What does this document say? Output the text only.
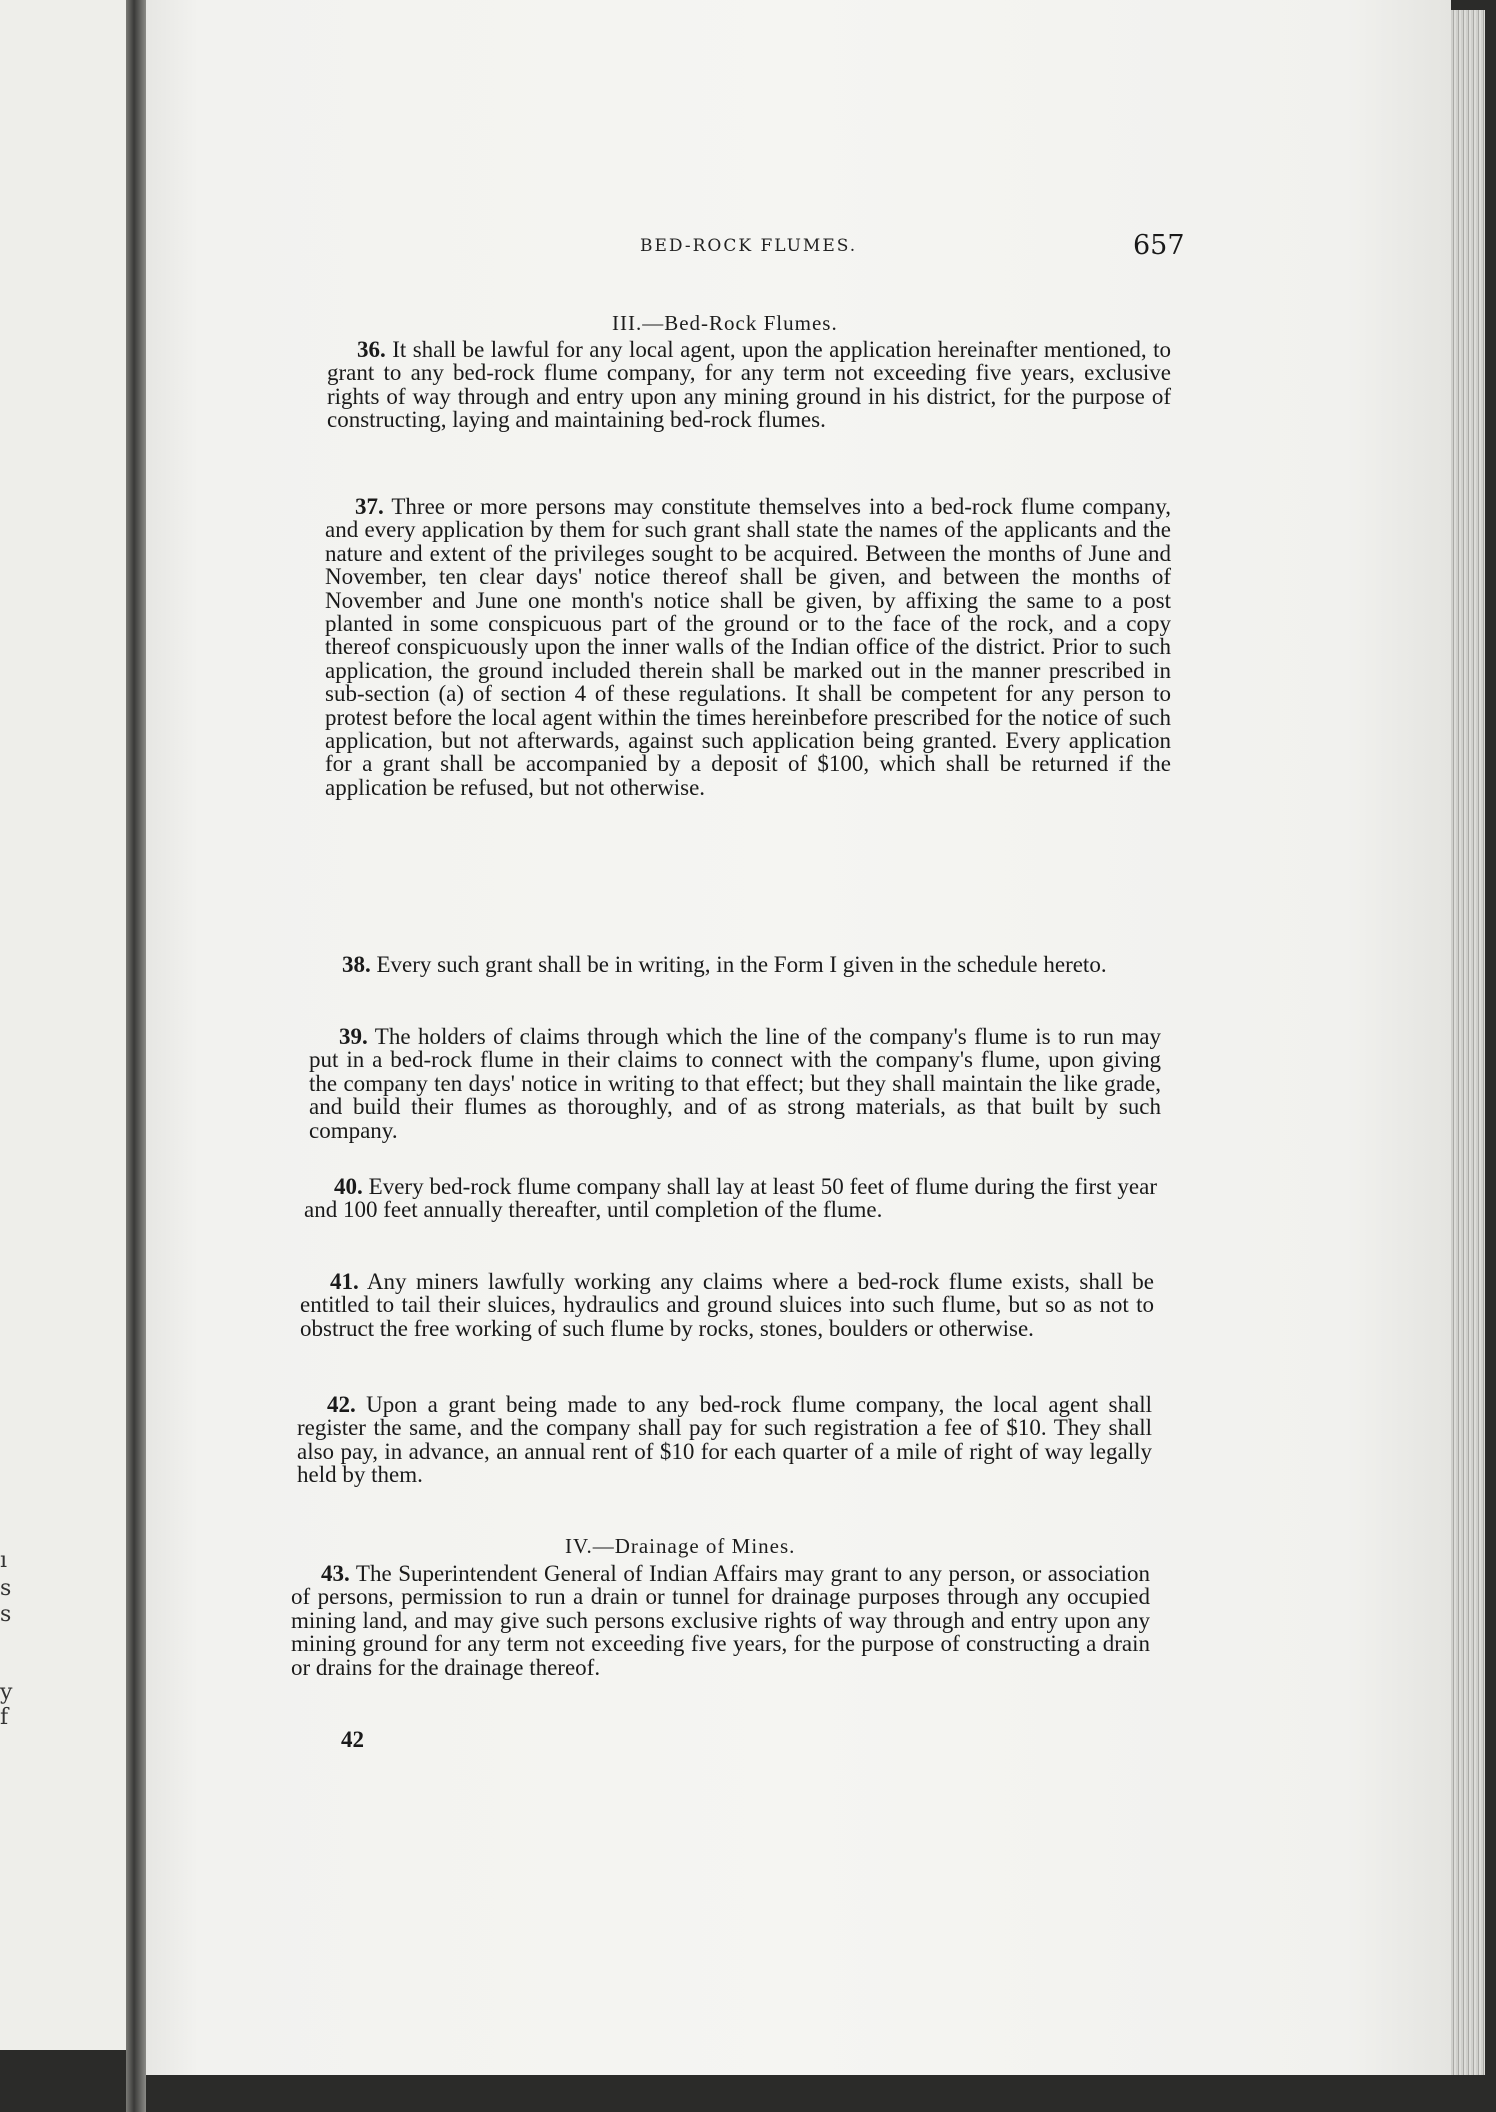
ı
s
s
y
f
BED-ROCK FLUMES.	657
III.—Bed-Rock Flumes.

36. It shall be lawful for any local agent, upon the application hereinafter mentioned, to grant to any bed-rock flume company, for any term not exceeding five years, exclusive rights of way through and entry upon any mining ground in his district, for the purpose of constructing, laying and maintaining bed-rock flumes.

37. Three or more persons may constitute themselves into a bed-rock flume company, and every application by them for such grant shall state the names of the applicants and the nature and extent of the privileges sought to be acquired. Between the months of June and November, ten clear days' notice thereof shall be given, and between the months of November and June one month's notice shall be given, by affixing the same to a post planted in some conspicuous part of the ground or to the face of the rock, and a copy thereof conspicuously upon the inner walls of the Indian office of the district. Prior to such application, the ground included therein shall be marked out in the manner prescribed in sub-section (a) of section 4 of these regulations. It shall be competent for any person to protest before the local agent within the times hereinbefore prescribed for the notice of such application, but not afterwards, against such application being granted. Every application for a grant shall be accompanied by a deposit of $100, which shall be returned if the application be refused, but not otherwise.

38. Every such grant shall be in writing, in the Form I given in the schedule hereto.

39. The holders of claims through which the line of the company's flume is to run may put in a bed-rock flume in their claims to connect with the company's flume, upon giving the company ten days' notice in writing to that effect; but they shall maintain the like grade, and build their flumes as thoroughly, and of as strong materials, as that built by such company.

40. Every bed-rock flume company shall lay at least 50 feet of flume during the first year and 100 feet annually thereafter, until completion of the flume.

41. Any miners lawfully working any claims where a bed-rock flume exists, shall be entitled to tail their sluices, hydraulics and ground sluices into such flume, but so as not to obstruct the free working of such flume by rocks, stones, boulders or otherwise.

42. Upon a grant being made to any bed-rock flume company, the local agent shall register the same, and the company shall pay for such registration a fee of $10. They shall also pay, in advance, an annual rent of $10 for each quarter of a mile of right of way legally held by them.

IV.—Drainage of Mines.

43. The Superintendent General of Indian Affairs may grant to any person, or association of persons, permission to run a drain or tunnel for drainage purposes through any occupied mining land, and may give such persons exclusive rights of way through and entry upon any mining ground for any term not exceeding five years, for the purpose of constructing a drain or drains for the drainage thereof.

42
